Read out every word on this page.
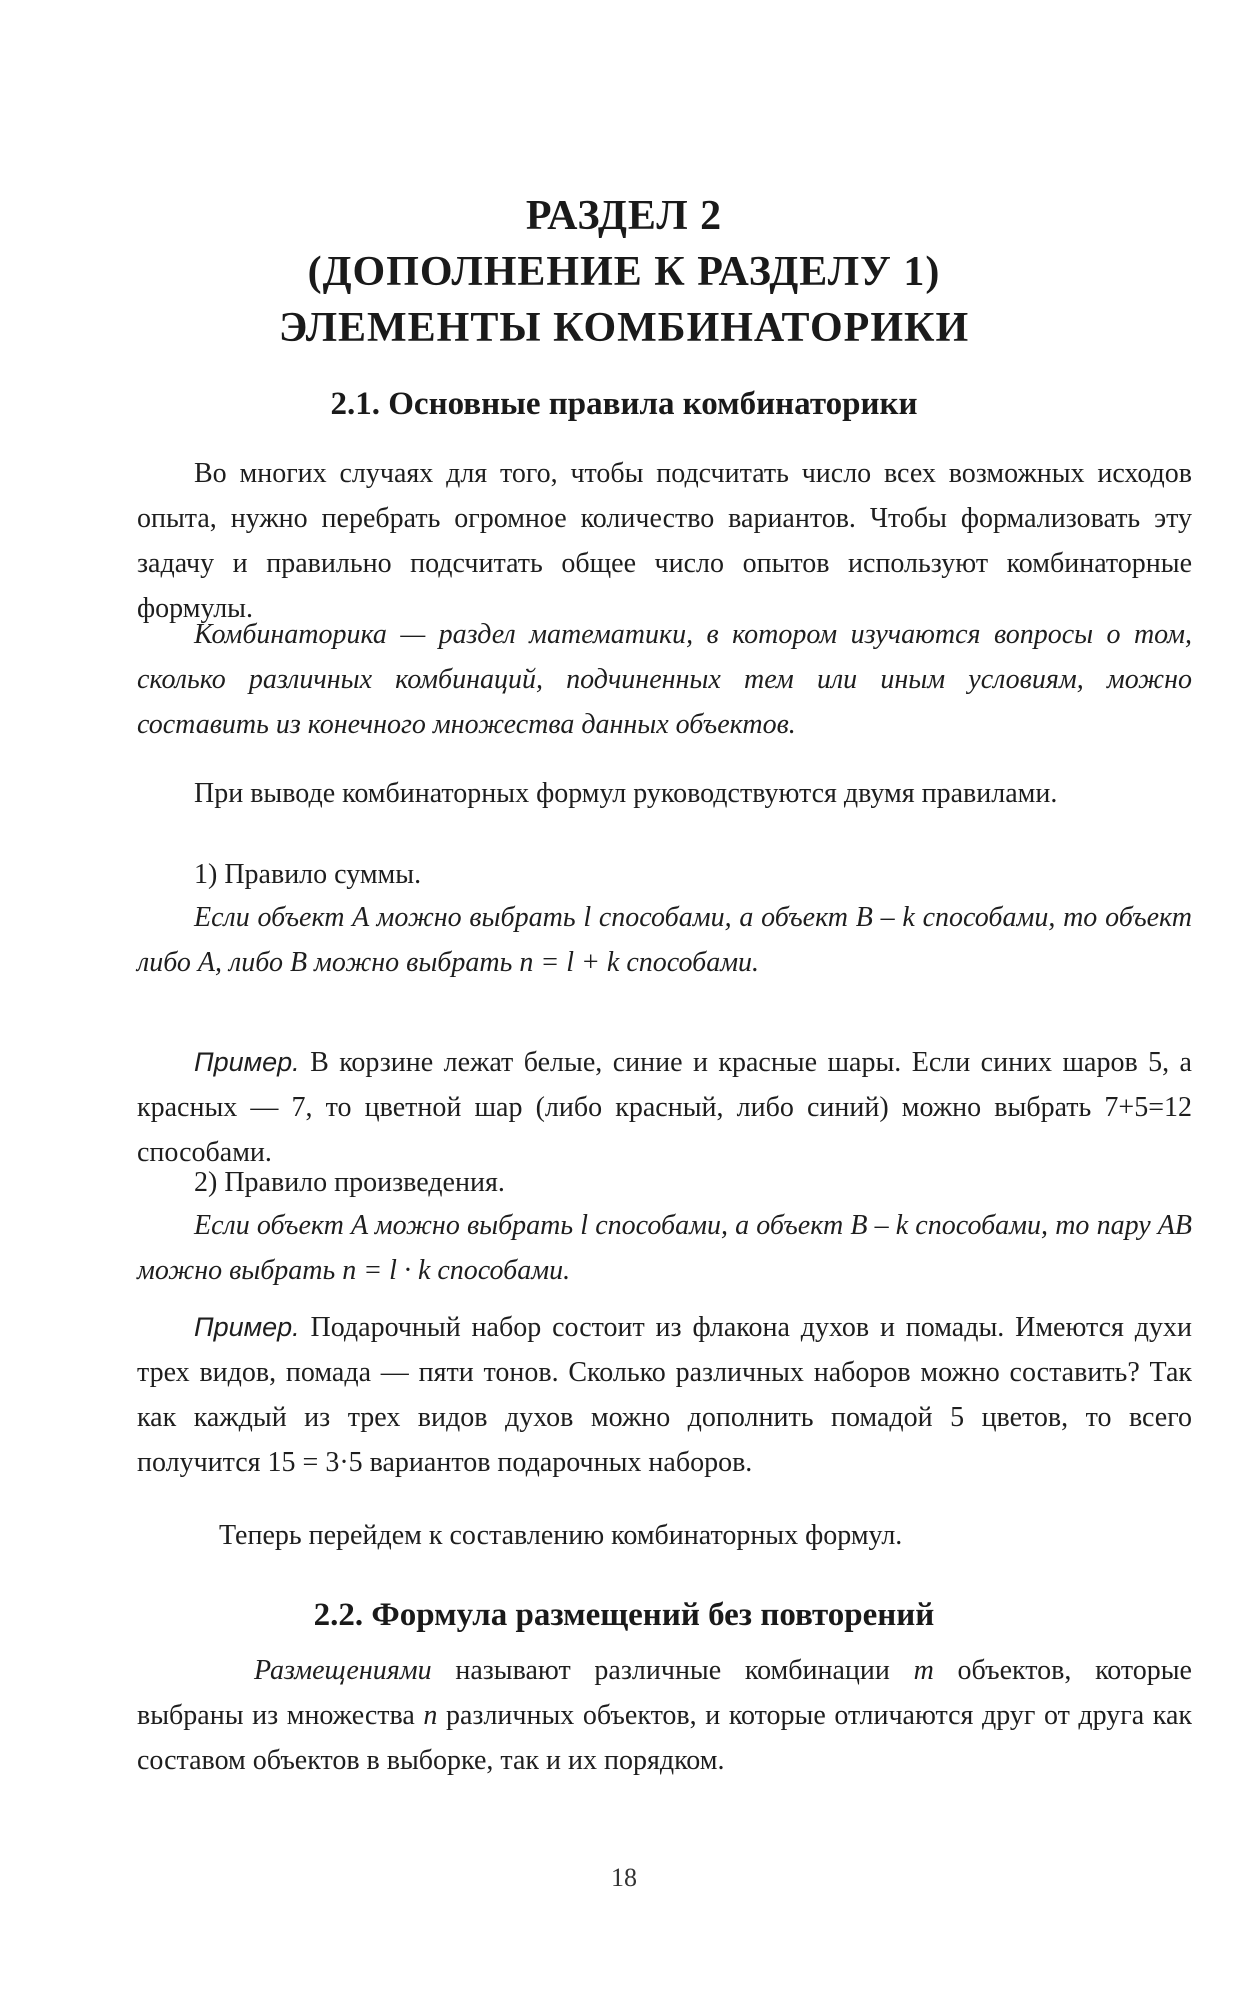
РАЗДЕЛ 2
(ДОПОЛНЕНИЕ К РАЗДЕЛУ 1)
ЭЛЕМЕНТЫ КОМБИНАТОРИКИ
2.1. Основные правила комбинаторики

Во многих случаях для того, чтобы подсчитать число всех возможных исходов опыта, нужно перебрать огромное количество вариантов. Чтобы формализовать эту задачу и правильно подсчитать общее число опытов используют комбинаторные формулы.

Комбинаторика — раздел математики, в котором изучаются вопросы о том, сколько различных комбинаций, подчиненных тем или иным условиям, можно составить из конечного множества данных объектов.

При выводе комбинаторных формул руководствуются двумя правилами.

1) Правило суммы.

Если объект A можно выбрать l способами, а объект B – k способами, то объект либо A, либо B можно выбрать n = l + k способами.

Пример. В корзине лежат белые, синие и красные шары. Если синих шаров 5, а красных — 7, то цветной шар (либо красный, либо синий) можно выбрать 7+5=12 способами.

2) Правило произведения.

Если объект A можно выбрать l способами, а объект B – k способами, то пару AB можно выбрать n = l · k способами.

Пример. Подарочный набор состоит из флакона духов и помады. Имеются духи трех видов, помада — пяти тонов. Сколько различных наборов можно составить? Так как каждый из трех видов духов можно дополнить помадой 5 цветов, то всего получится 15 = 3·5 вариантов подарочных наборов.

Теперь перейдем к составлению комбинаторных формул.

2.2. Формула размещений без повторений

Размещениями называют различные комбинации m объектов, которые выбраны из множества n различных объектов, и которые отличаются друг от друга как составом объектов в выборке, так и их порядком.

18
